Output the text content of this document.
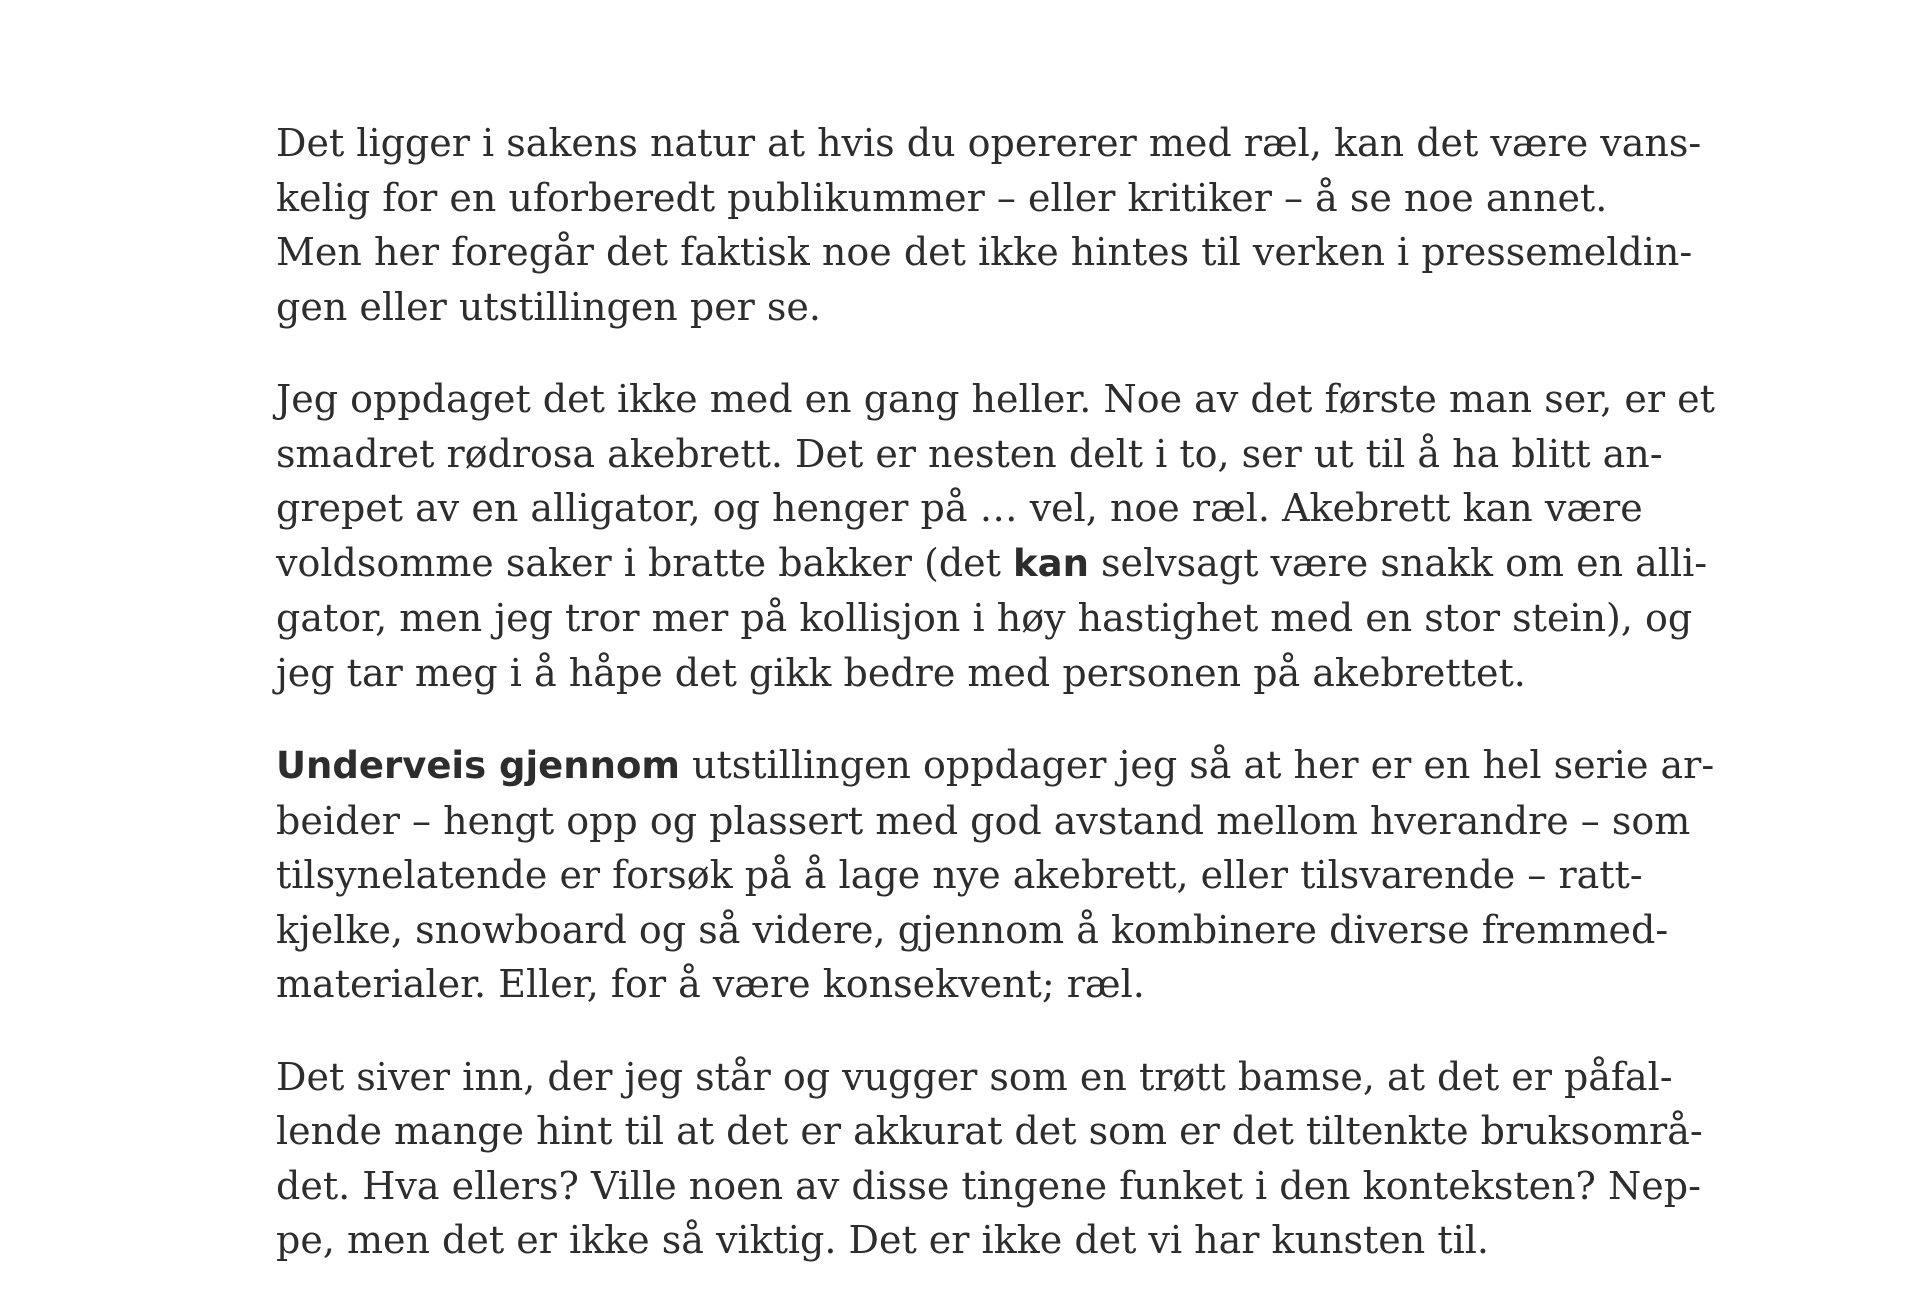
Det ligger i sakens natur at hvis du opererer med ræl, kan det være vans-
kelig for en uforberedt publikummer – eller kritiker – å se noe annet.
Men her foregår det faktisk noe det ikke hintes til verken i pressemeldin-
gen eller utstillingen per se.

Jeg oppdaget det ikke med en gang heller. Noe av det første man ser, er et
smadret rødrosa akebrett. Det er nesten delt i to, ser ut til å ha blitt an-
grepet av en alligator, og henger på … vel, noe ræl. Akebrett kan være
voldsomme saker i bratte bakker (det kan selvsagt være snakk om en alli-
gator, men jeg tror mer på kollisjon i høy hastighet med en stor stein), og
jeg tar meg i å håpe det gikk bedre med personen på akebrettet.

Underveis gjennom utstillingen oppdager jeg så at her er en hel serie ar-
beider – hengt opp og plassert med god avstand mellom hverandre – som
tilsynelatende er forsøk på å lage nye akebrett, eller tilsvarende – ratt-
kjelke, snowboard og så videre, gjennom å kombinere diverse fremmed-
materialer. Eller, for å være konsekvent; ræl.

Det siver inn, der jeg står og vugger som en trøtt bamse, at det er påfal-
lende mange hint til at det er akkurat det som er det tiltenkte bruksområ-
det. Hva ellers? Ville noen av disse tingene funket i den konteksten? Nep-
pe, men det er ikke så viktig. Det er ikke det vi har kunsten til.
